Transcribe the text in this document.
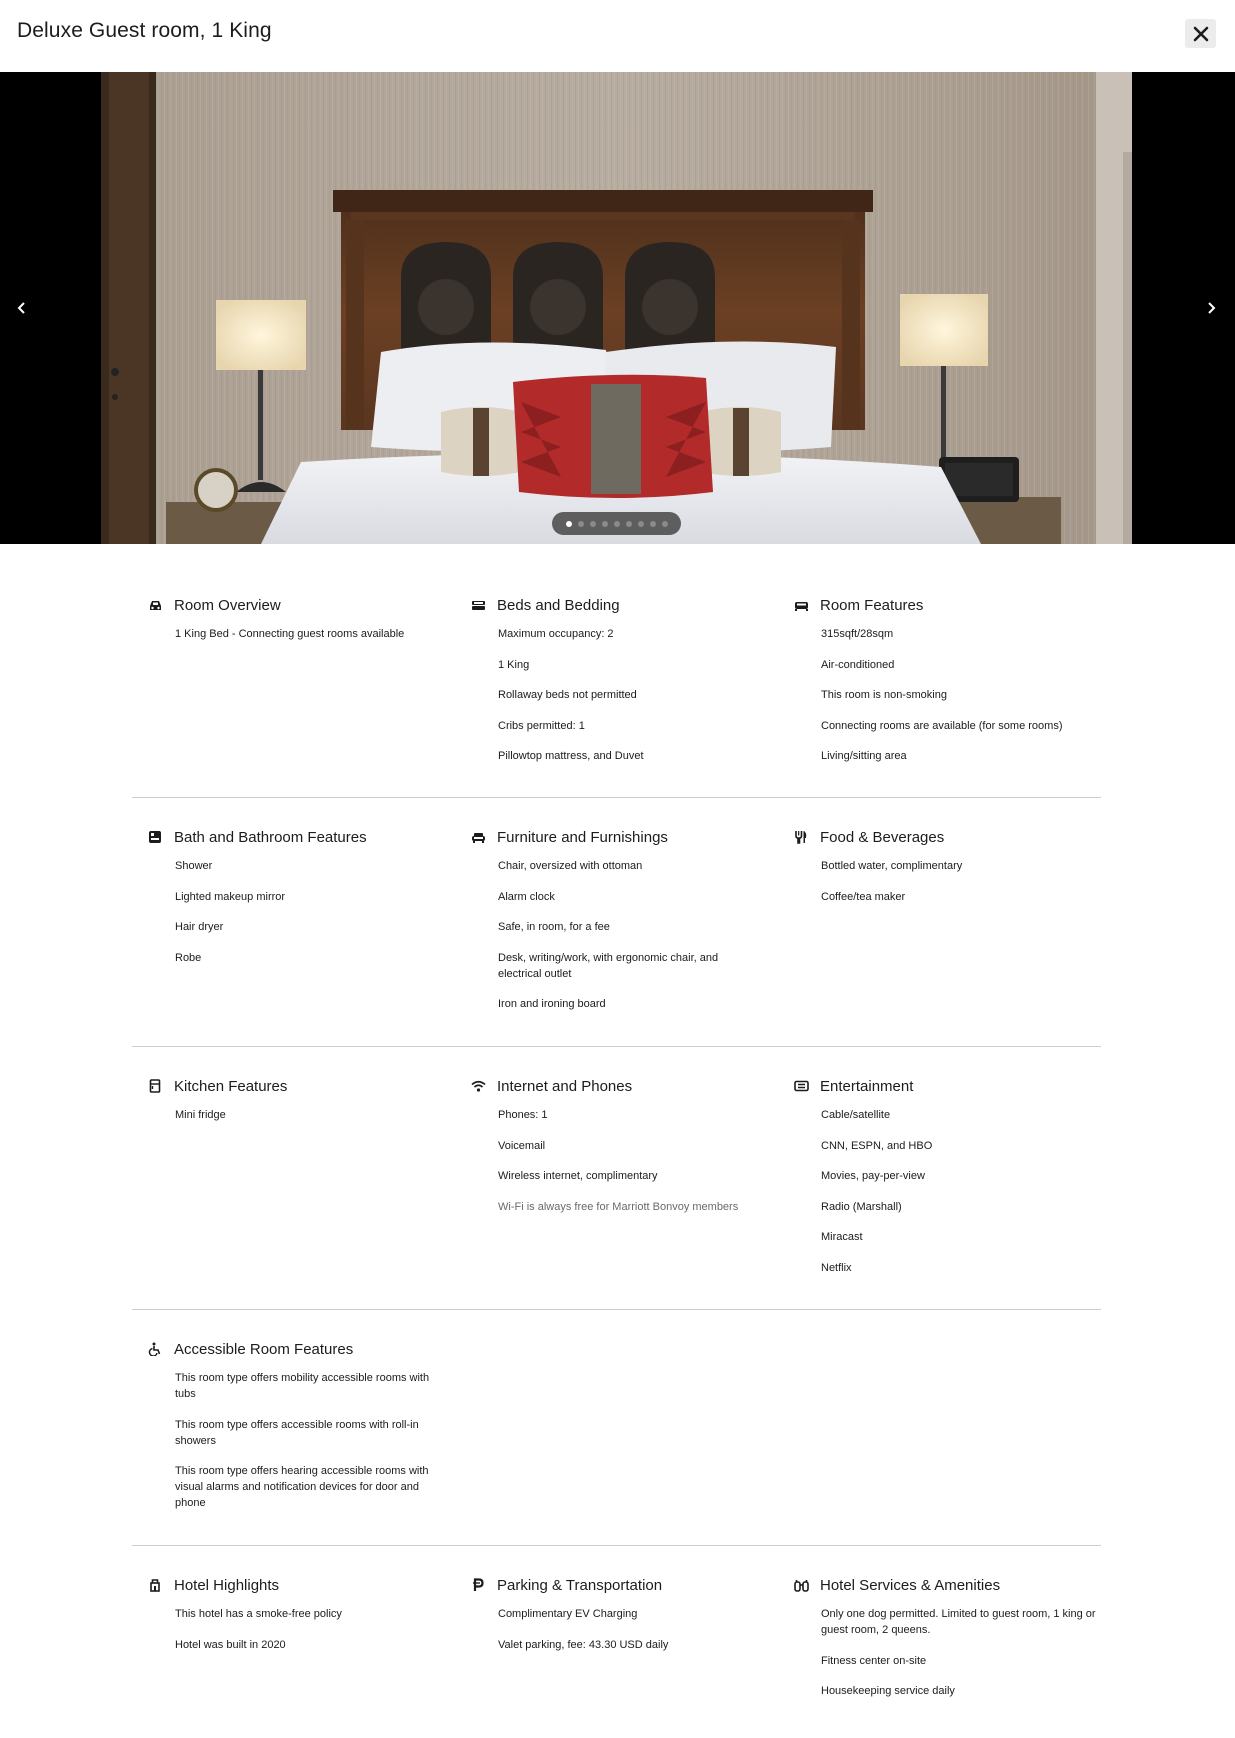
Deluxe Guest room, 1 King
Room Overview
1 King Bed - Connecting guest rooms available
Beds and Bedding
Maximum occupancy: 2
1 King
Rollaway beds not permitted
Cribs permitted: 1
Pillowtop mattress, and Duvet
Room Features
315sqft/28sqm
Air-conditioned
This room is non-smoking
Connecting rooms are available (for some rooms)
Living/sitting area
Bath and Bathroom Features
Shower
Lighted makeup mirror
Hair dryer
Robe
Furniture and Furnishings
Chair, oversized with ottoman
Alarm clock
Safe, in room, for a fee
Desk, writing/work, with ergonomic chair, and electrical outlet
Iron and ironing board
Food & Beverages
Bottled water, complimentary
Coffee/tea maker
Kitchen Features
Mini fridge
Internet and Phones
Phones: 1
Voicemail
Wireless internet, complimentary
Wi-Fi is always free for Marriott Bonvoy members
Entertainment
Cable/satellite
CNN, ESPN, and HBO
Movies, pay-per-view
Radio (Marshall)
Miracast
Netflix
Accessible Room Features
This room type offers mobility accessible rooms with tubs
This room type offers accessible rooms with roll-in showers
This room type offers hearing accessible rooms with visual alarms and notification devices for door and phone
Hotel Highlights
This hotel has a smoke-free policy
Hotel was built in 2020
Parking & Transportation
Complimentary EV Charging
Valet parking, fee: 43.30 USD daily
Hotel Services & Amenities
Only one dog permitted. Limited to guest room, 1 king or guest room, 2 queens.
Fitness center on-site
Housekeeping service daily
